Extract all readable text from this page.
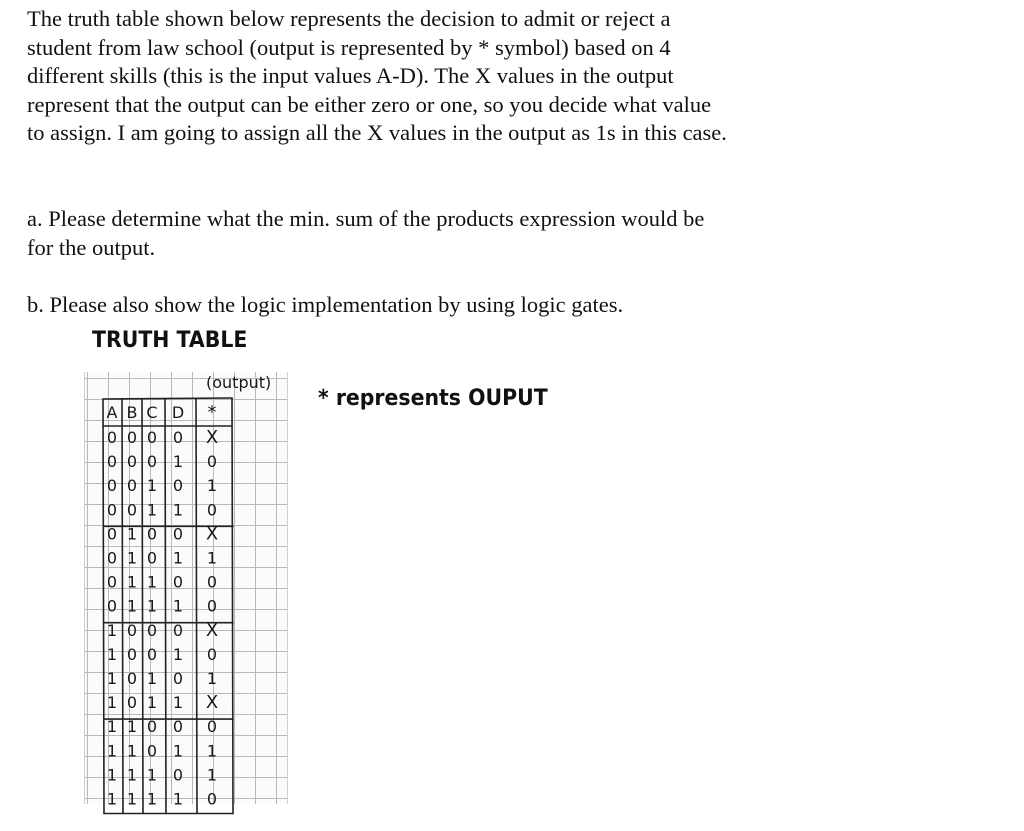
The truth table shown below represents the decision to admit or reject a student from law school (output is represented by * symbol) based on 4 different skills (this is the input values A-D). The X values in the output represent that the output can be either zero or one, so you decide what value to assign. I am going to assign all the X values in the output as 1s in this case.

a. Please determine what the min. sum of the products expression would be for the output.

b. Please also show the logic implementation by using logic gates.

TRUTH TABLE
* represents OUPUT
(output)
A B C D *
0 0 0 0 X
0 0 0 1 0
0 0 1 0 1
0 0 1 1 0
0 1 0 0 X
0 1 0 1 1
0 1 1 0 0
0 1 1 1 0
1 0 0 0 X
1 0 0 1 0
1 0 1 0 1
1 0 1 1 X
1 1 0 0 0
1 1 0 1 1
1 1 1 0 1
1 1 1 1 0
